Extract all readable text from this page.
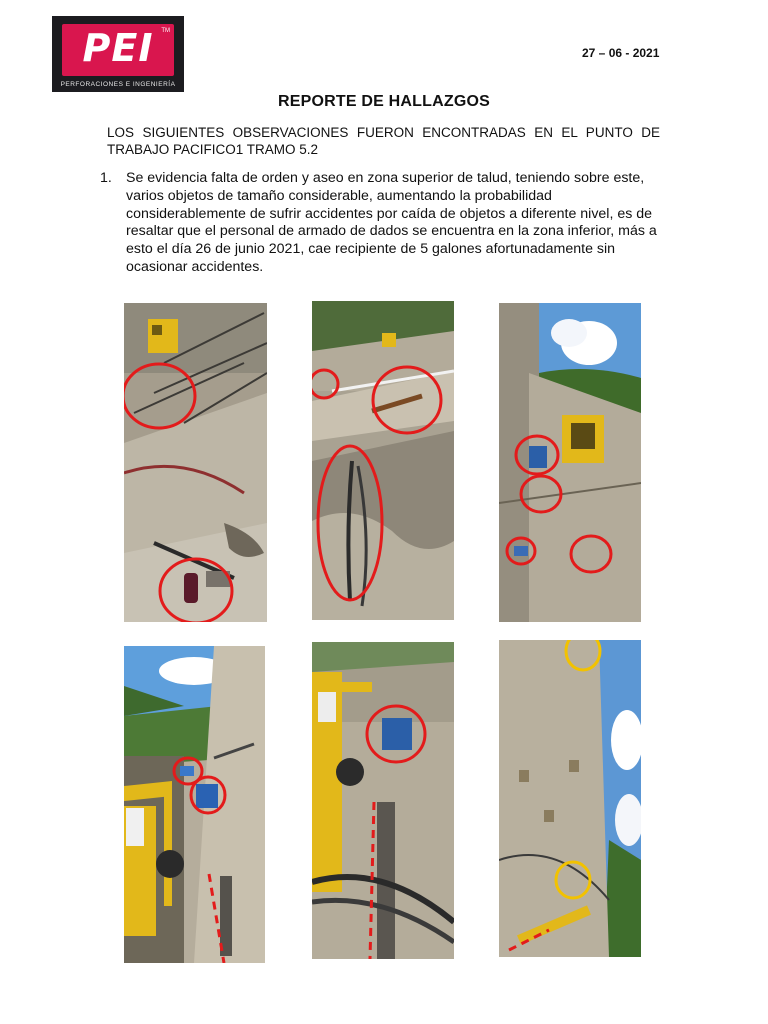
PEI	TM
PERFORACIONES E INGENIERÍA
27 – 06 - 2021
REPORTE DE HALLAZGOS
LOS SIGUIENTES OBSERVACIONES FUERON ENCONTRADAS EN EL PUNTO DE TRABAJO PACIFICO1 TRAMO 5.2
1. Se evidencia falta de orden y aseo en zona superior de talud, teniendo sobre este, varios objetos de tamaño considerable, aumentando la probabilidad considerablemente de sufrir accidentes por caída de objetos a diferente nivel, es de resaltar que el personal de armado de dados se encuentra en la zona inferior, más a esto el día 26 de junio 2021, cae recipiente de 5 galones afortunadamente sin ocasionar accidentes.
